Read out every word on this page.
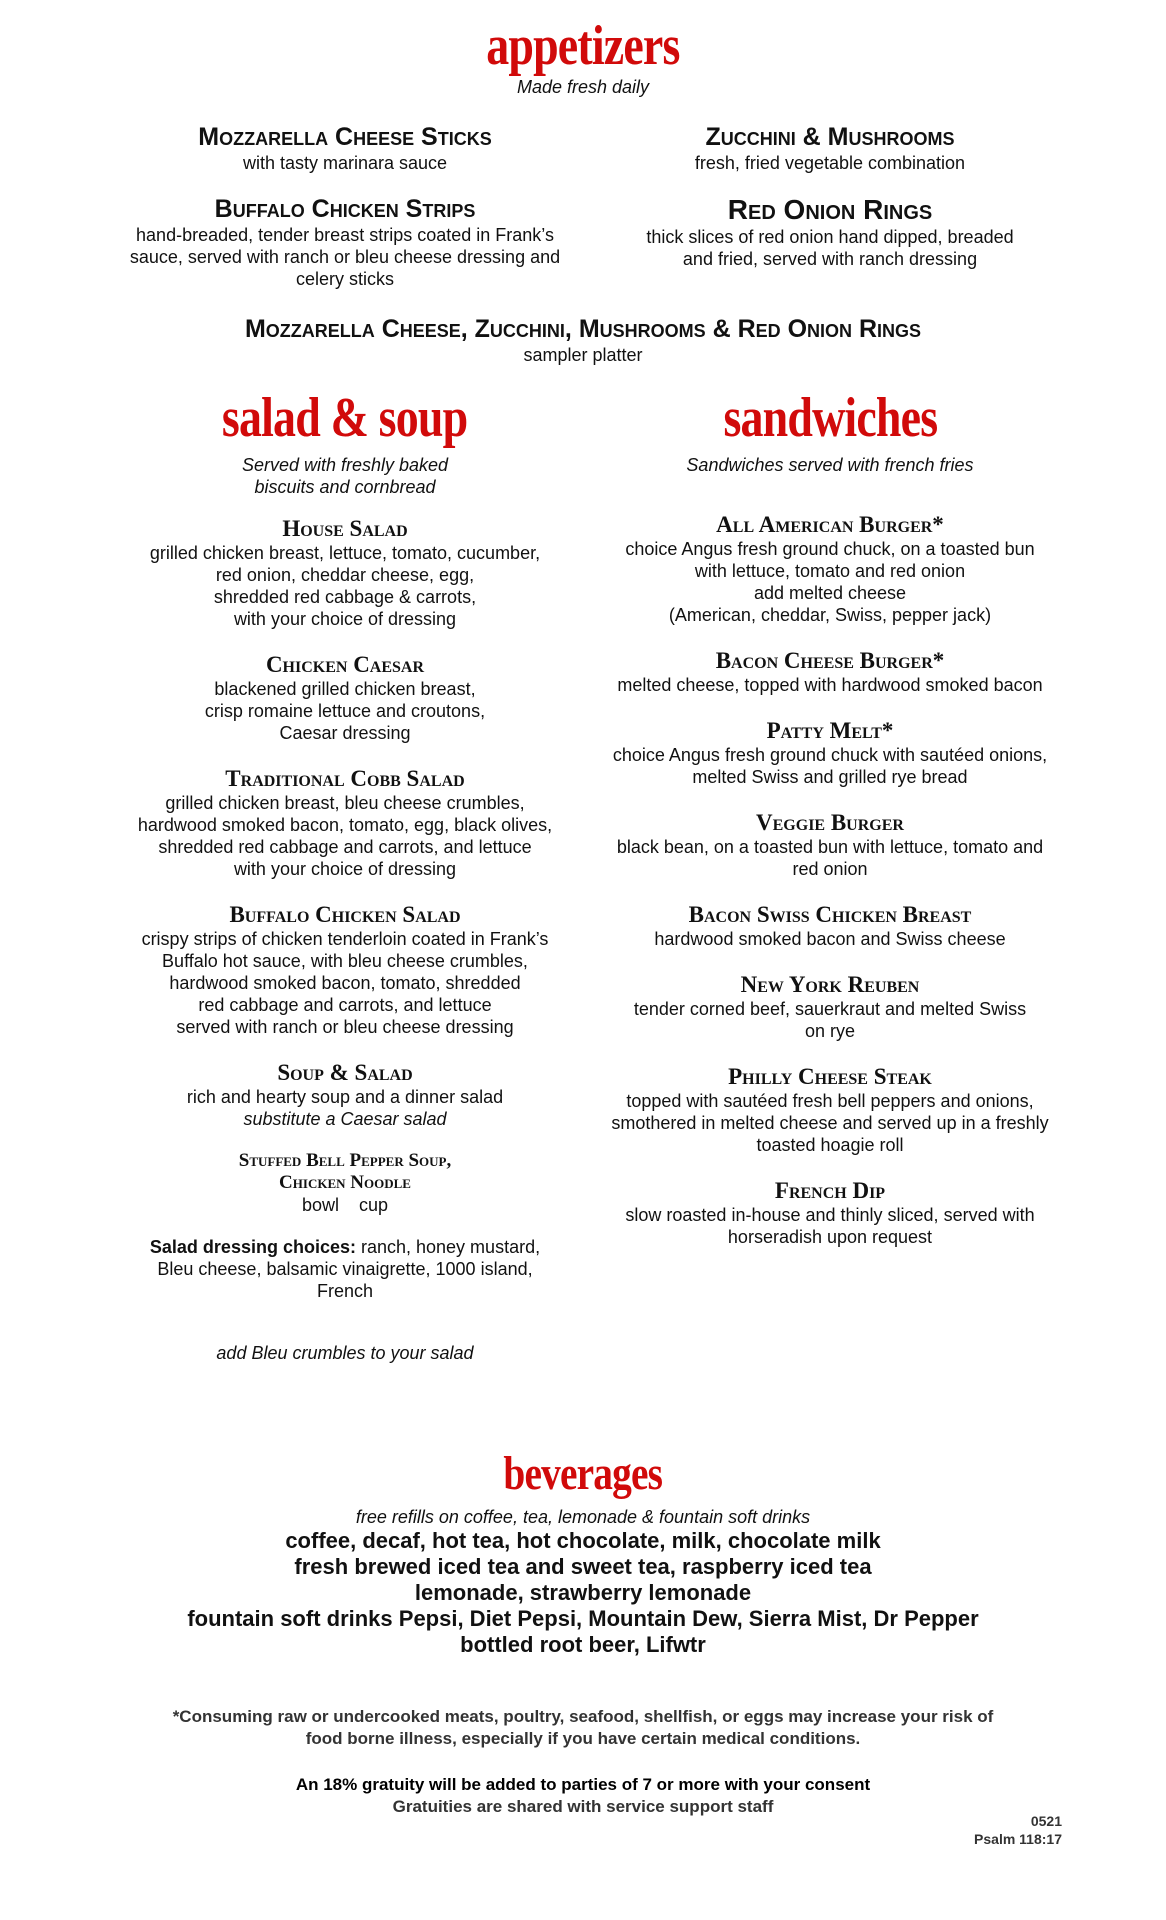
appetizers
Made fresh daily
Mozzarella Cheese Sticks
with tasty marinara sauce
Buffalo Chicken Strips
hand-breaded, tender breast strips coated in Frank’s sauce, served with ranch or bleu cheese dressing and celery sticks
Zucchini & Mushrooms
fresh, fried vegetable combination
Red Onion Rings
thick slices of red onion hand dipped, breaded and fried, served with ranch dressing
Mozzarella Cheese, Zucchini, Mushrooms & Red Onion Rings
sampler platter
salad & soup
Served with freshly baked
biscuits and cornbread
House Salad
grilled chicken breast, lettuce, tomato, cucumber,
red onion, cheddar cheese, egg,
shredded red cabbage & carrots,
with your choice of dressing
Chicken Caesar
blackened grilled chicken breast,
crisp romaine lettuce and croutons,
Caesar dressing
Traditional Cobb Salad
grilled chicken breast, bleu cheese crumbles,
hardwood smoked bacon, tomato, egg, black olives,
shredded red cabbage and carrots, and lettuce
with your choice of dressing
Buffalo Chicken Salad
crispy strips of chicken tenderloin coated in Frank’s
Buffalo hot sauce, with bleu cheese crumbles,
hardwood smoked bacon, tomato, shredded
red cabbage and carrots, and lettuce
served with ranch or bleu cheese dressing
Soup & Salad
rich and hearty soup and a dinner salad
substitute a Caesar salad
Stuffed Bell Pepper Soup,
Chicken Noodle
bowl    cup
Salad dressing choices: ranch, honey mustard,
Bleu cheese, balsamic vinaigrette, 1000 island,
French
add Bleu crumbles to your salad
sandwiches
Sandwiches served with french fries
All American Burger*
choice Angus fresh ground chuck, on a toasted bun
with lettuce, tomato and red onion
add melted cheese
(American, cheddar, Swiss, pepper jack)
Bacon Cheese Burger*
melted cheese, topped with hardwood smoked bacon
Patty Melt*
choice Angus fresh ground chuck with sautéed onions,
melted Swiss and grilled rye bread
Veggie Burger
black bean, on a toasted bun with lettuce, tomato and
red onion
Bacon Swiss Chicken Breast
hardwood smoked bacon and Swiss cheese
New York Reuben
tender corned beef, sauerkraut and melted Swiss
on rye
Philly Cheese Steak
topped with sautéed fresh bell peppers and onions,
smothered in melted cheese and served up in a freshly
toasted hoagie roll
French Dip
slow roasted in-house and thinly sliced, served with
horseradish upon request
beverages
free refills on coffee, tea, lemonade & fountain soft drinks
coffee, decaf, hot tea, hot chocolate, milk, chocolate milk
fresh brewed iced tea and sweet tea, raspberry iced tea
lemonade, strawberry lemonade
fountain soft drinks Pepsi, Diet Pepsi, Mountain Dew, Sierra Mist, Dr Pepper
bottled root beer, Lifwtr
*Consuming raw or undercooked meats, poultry, seafood, shellfish, or eggs may increase your risk of
food borne illness, especially if you have certain medical conditions.
An 18% gratuity will be added to parties of 7 or more with your consent
Gratuities are shared with service support staff
0521
Psalm 118:17
